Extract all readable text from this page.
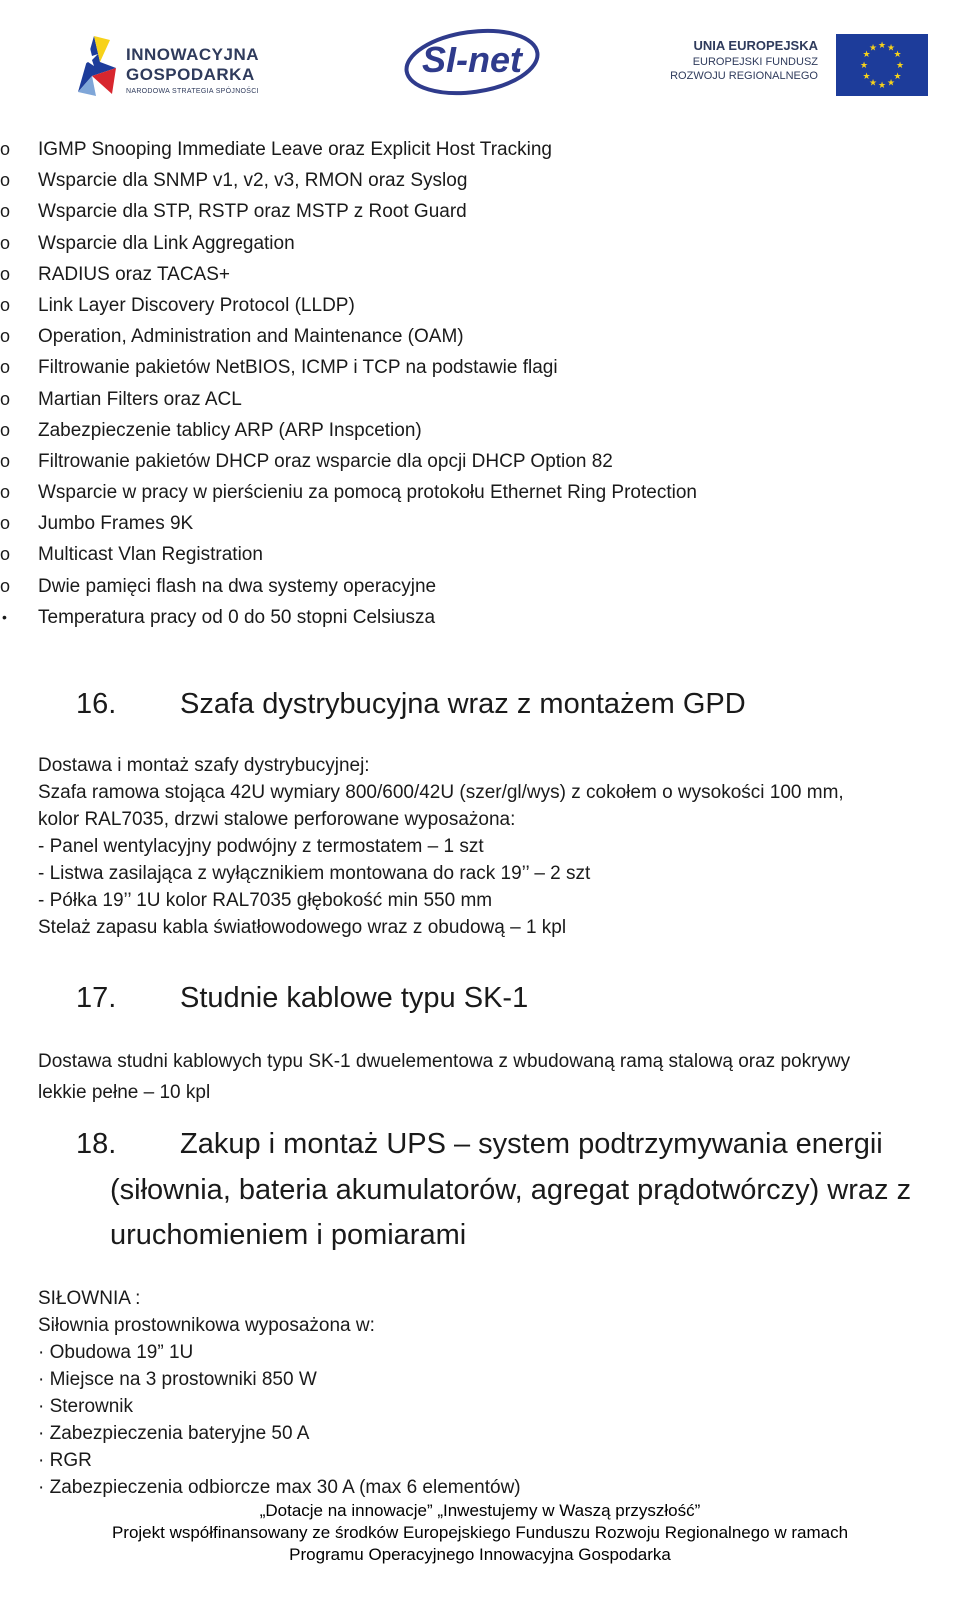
INNOWACYJNA
GOSPODARKA
NARODOWA STRATEGIA SPÓJNOŚCI
SI-net	UNIA EUROPEJSKA
EUROPEJSKI FUNDUSZ
ROZWOJU REGIONALNEGO
★ ★
★
★
★
★
★
★
★
★
★
★
o	IGMP Snooping Immediate Leave oraz Explicit Host Tracking
o	Wsparcie dla SNMP v1, v2, v3, RMON oraz Syslog
o	Wsparcie dla STP, RSTP oraz MSTP z Root Guard
o	Wsparcie dla Link Aggregation
o	RADIUS oraz TACAS+
o	Link Layer Discovery Protocol (LLDP)
o	Operation, Administration and Maintenance (OAM)
o	Filtrowanie pakietów NetBIOS, ICMP i TCP na podstawie flagi
o	Martian Filters oraz ACL
o	Zabezpieczenie tablicy ARP (ARP Inspcetion)
o	Filtrowanie pakietów DHCP oraz wsparcie dla opcji DHCP Option 82
o	Wsparcie w pracy w pierścieniu za pomocą protokołu Ethernet Ring Protection
o	Jumbo Frames 9K
o	Multicast Vlan Registration
o	Dwie pamięci flash na dwa systemy operacyjne
•	Temperatura pracy od 0 do 50 stopni Celsiusza
16. Szafa dystrybucyjna wraz z montażem GPD
Dostawa i montaż szafy dystrybucyjnej:
Szafa ramowa stojąca 42U wymiary 800/600/42U (szer/gl/wys) z cokołem o wysokości 100 mm,
kolor RAL7035, drzwi stalowe perforowane wyposażona:
- Panel wentylacyjny podwójny z termostatem – 1 szt
- Listwa zasilająca z wyłącznikiem montowana do rack 19’’ – 2 szt
- Półka 19’’ 1U kolor RAL7035 głębokość min 550 mm
Stelaż zapasu kabla światłowodowego wraz z obudową – 1 kpl
17. Studnie kablowe typu SK-1
Dostawa studni kablowych typu SK-1 dwuelementowa z wbudowaną ramą stalową oraz pokrywy
lekkie pełne – 10 kpl
18. Zakup i montaż UPS – system podtrzymywania energii
(siłownia, bateria akumulatorów, agregat prądotwórczy) wraz z
uruchomieniem i pomiarami
SIŁOWNIA :
Siłownia prostownikowa wyposażona w:
· Obudowa 19” 1U
· Miejsce na 3 prostowniki 850 W
· Sterownik
· Zabezpieczenia bateryjne 50 A
· RGR
· Zabezpieczenia odbiorcze max 30 A (max 6 elementów)
„Dotacje na innowacje” „Inwestujemy w Waszą przyszłość”
Projekt współfinansowany ze środków Europejskiego Funduszu Rozwoju Regionalnego w ramach
Programu Operacyjnego Innowacyjna Gospodarka
